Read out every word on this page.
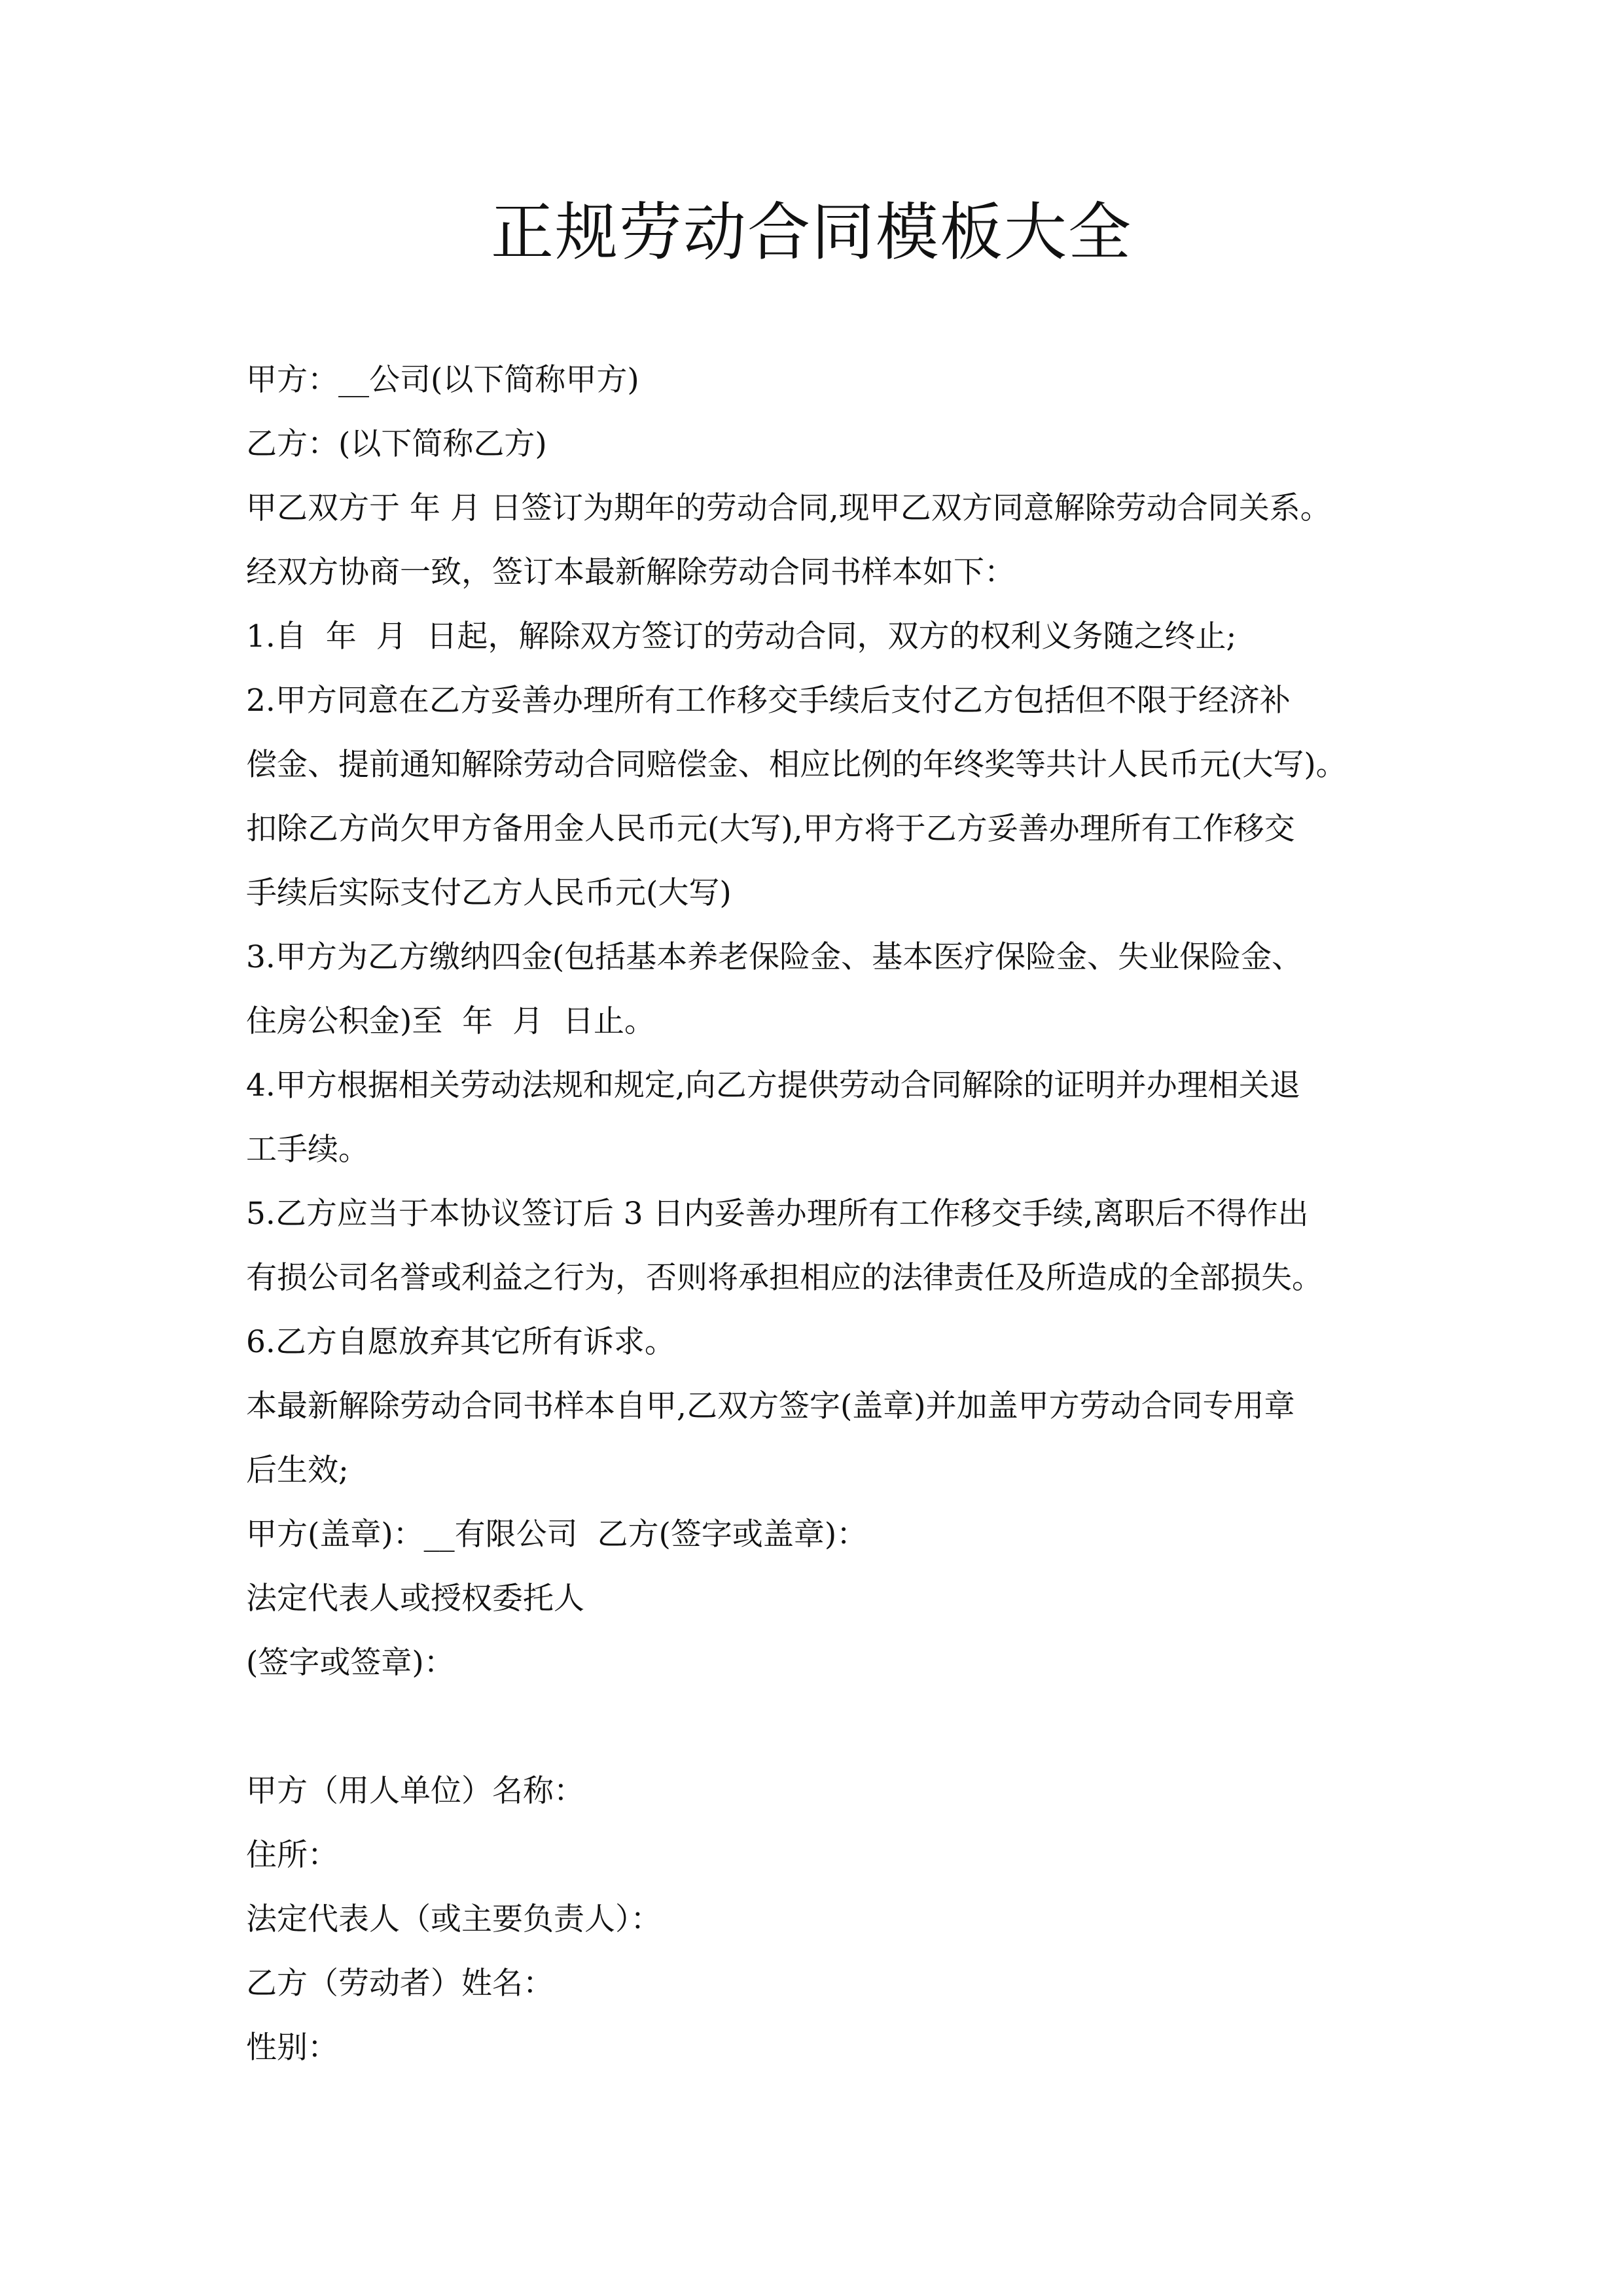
正规劳动合同模板大全
甲方：__公司(以下简称甲方)
乙方：(以下简称乙方)
甲乙双方于 年 月 日签订为期年的劳动合同,现甲乙双方同意解除劳动合同关系。
经双方协商一致，签订本最新解除劳动合同书样本如下：
1.自  年  月  日起，解除双方签订的劳动合同，双方的权利义务随之终止;
2.甲方同意在乙方妥善办理所有工作移交手续后支付乙方包括但不限于经济补
偿金、提前通知解除劳动合同赔偿金、相应比例的年终奖等共计人民币元(大写)。
扣除乙方尚欠甲方备用金人民币元(大写),甲方将于乙方妥善办理所有工作移交
手续后实际支付乙方人民币元(大写)
3.甲方为乙方缴纳四金(包括基本养老保险金、基本医疗保险金、失业保险金、
住房公积金)至  年  月  日止。
4.甲方根据相关劳动法规和规定,向乙方提供劳动合同解除的证明并办理相关退
工手续。
5.乙方应当于本协议签订后 3 日内妥善办理所有工作移交手续,离职后不得作出
有损公司名誉或利益之行为，否则将承担相应的法律责任及所造成的全部损失。
6.乙方自愿放弃其它所有诉求。
本最新解除劳动合同书样本自甲,乙双方签字(盖章)并加盖甲方劳动合同专用章
后生效;
甲方(盖章)：__有限公司  乙方(签字或盖章)：
法定代表人或授权委托人
(签字或签章)：
甲方（用人单位）名称：
住所：
法定代表人（或主要负责人）：
乙方（劳动者）姓名：
性别：
